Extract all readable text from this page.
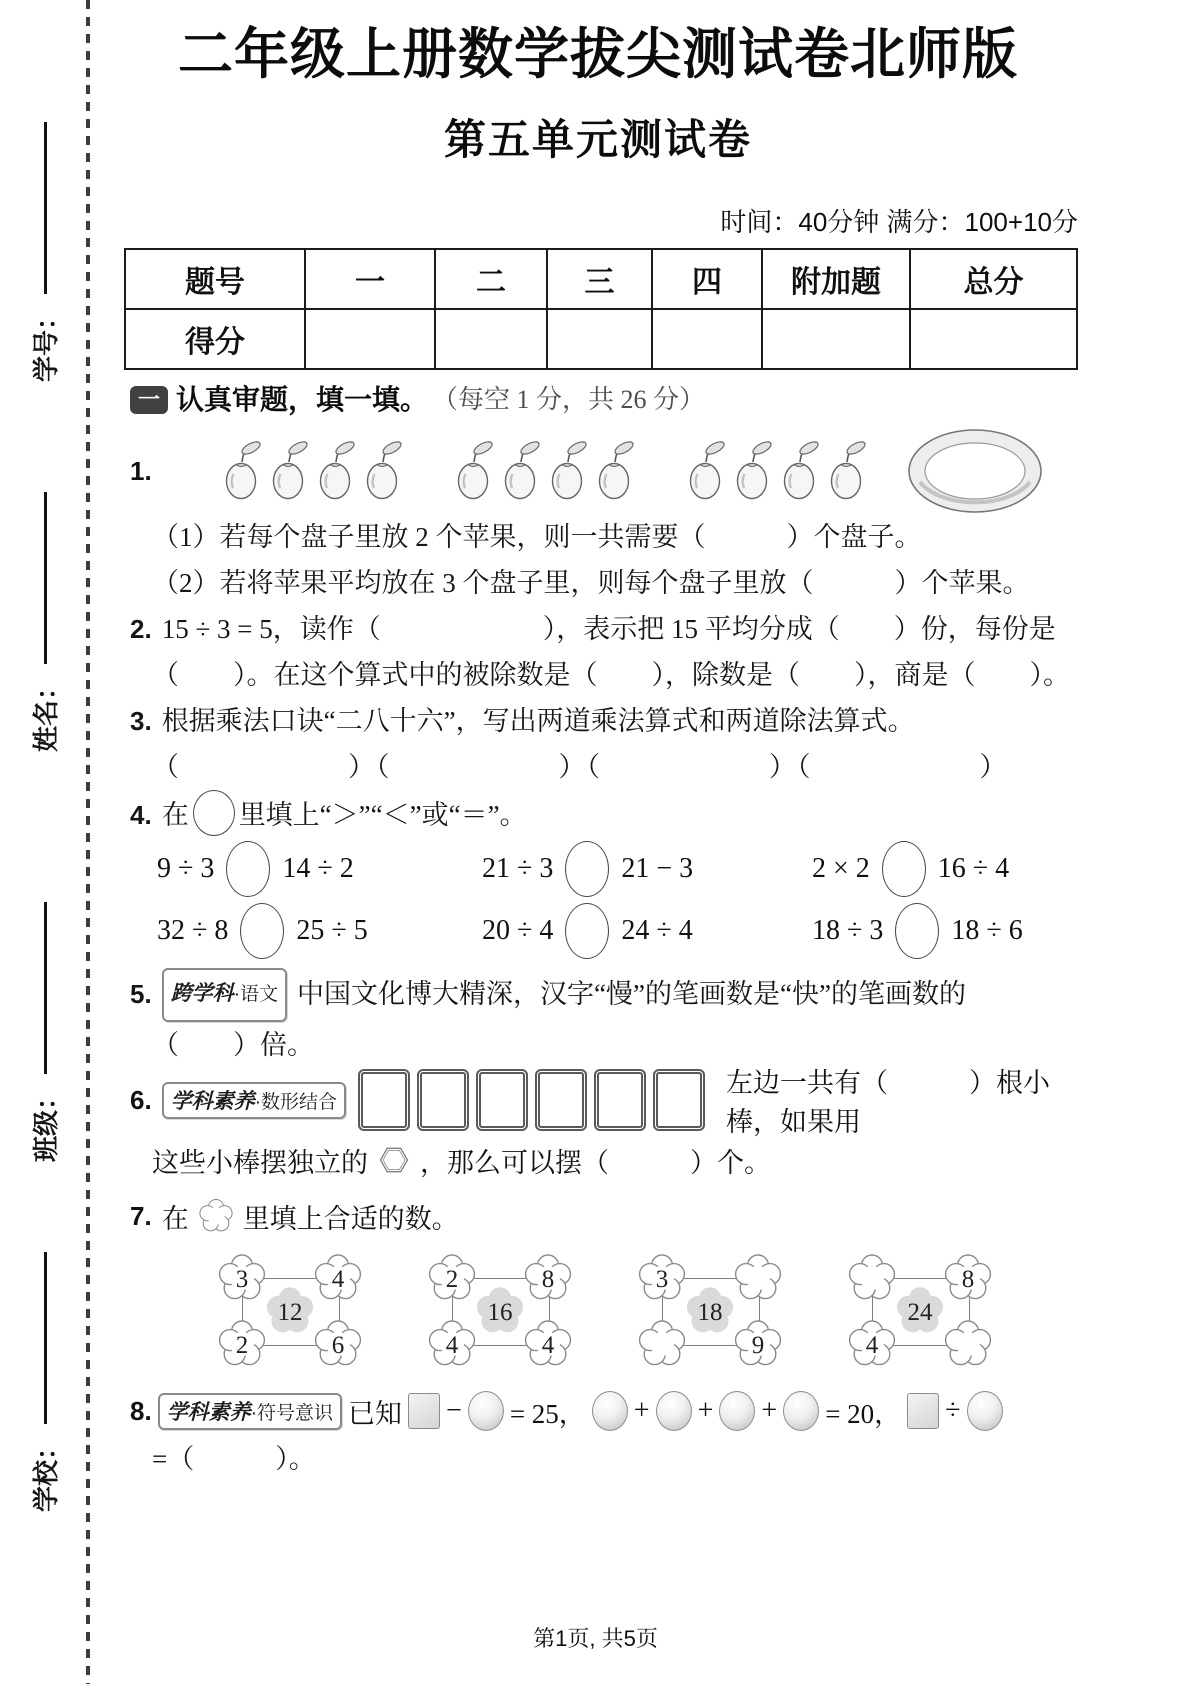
学号：
姓名：
班级：
学校：
二年级上册数学拔尖测试卷北师版
第五单元测试卷
时间：40分钟 满分：100+10分
题号	一	二	三	四	附加题	总分
得分						
一 认真审题，填一填。 （每空 1 分，共 26 分）
1.
（1）若每个盘子里放 2 个苹果，则一共需要（　　　）个盘子。
（2）若将苹果平均放在 3 个盘子里，则每个盘子里放（　　　）个苹果。
2. 15 ÷ 3 = 5，读作（　　　　　　），表示把 15 平均分成（　　）份，每份是
（　　）。在这个算式中的被除数是（　　），除数是（　　），商是（　　）。
3. 根据乘法口诀“二八十六”，写出两道乘法算式和两道除法算式。
（　　　　　　）（　　　　　　）（　　　　　　）（　　　　　　）
4. 在 里填上“＞”“＜”或“＝”。
9 ÷ 3 14 ÷ 2	21 ÷ 3 21 − 3	2 × 2 16 ÷ 4
32 ÷ 8 25 ÷ 5	20 ÷ 4 24 ÷ 4	18 ÷ 3 18 ÷ 6
5. 跨学科·语文 中国文化博大精深，汉字“慢”的笔画数是“快”的笔画数的
（　　）倍。
6. 学科素养·数形结合
左边一共有（　　　）根小棒，如果用
这些小棒摆独立的 ，那么可以摆（　　　）个。
7. 在 里填上合适的数。
3	4
2	6
12
2	8
4	4
16
3
9
18
8
4
24
8. 学科素养·符号意识 已知 − = 25， + + + = 20， ÷
=（　　　）。
第1页, 共5页
